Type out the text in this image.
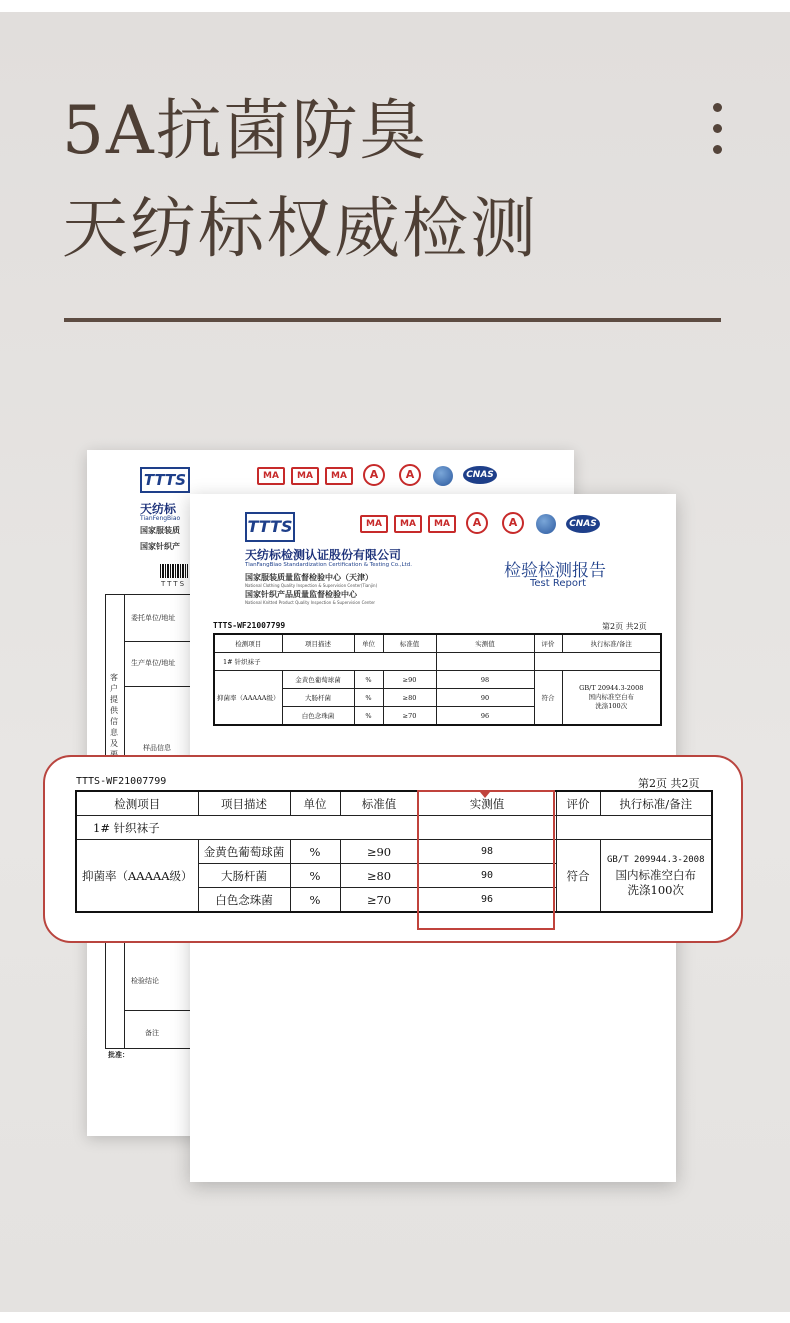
5A抗菌防臭
天纺标权威检测
TTTS
天纺标
TianFengBiao
国家服装质
国家针织产
TTTS
MA	MA	MA	A	A	CNAS
委托单位/地址
生产单位/地址
样品信息
检验结论
备注
客户提供信息及
批准：
TTTS
天纺标检测认证股份有限公司
TianFangBiao Standardization Certification & Testing Co.,Ltd.
国家服装质量监督检验中心（天津）
National Clothing Quality Inspection & Supervision Center(Tianjin)
国家针织产品质量监督检验中心
National Knitted Product Quality Inspection & Supervision Center
MA	MA	MA	A	A	CNAS
检验检测报告
Test Report
TTTS-WF21007799	第2页 共2页
检测项目	项目描述	单位	标准值	实测值	评价	执行标准/备注
1# 针织袜子						
抑菌率（AAAAA级）	金黄色葡萄球菌	%	≥90	98	符合	GB/T 20944.3-2008
国内标准空白布
洗涤100次

	大肠杆菌	%	≥80	90		
	白色念珠菌	%	≥70	96		
TTTS-WF21007799	第2页 共2页
检测项目	项目描述	单位	标准值	实测值	评价	执行标准/备注
1# 针织袜子						
抑菌率（AAAAA级）	金黄色葡萄球菌	%	≥90	98	符合	GB/T 209944.3-2008
国内标准空白布
洗涤100次

	大肠杆菌	%	≥80	90		
	白色念珠菌	%	≥70	96		
